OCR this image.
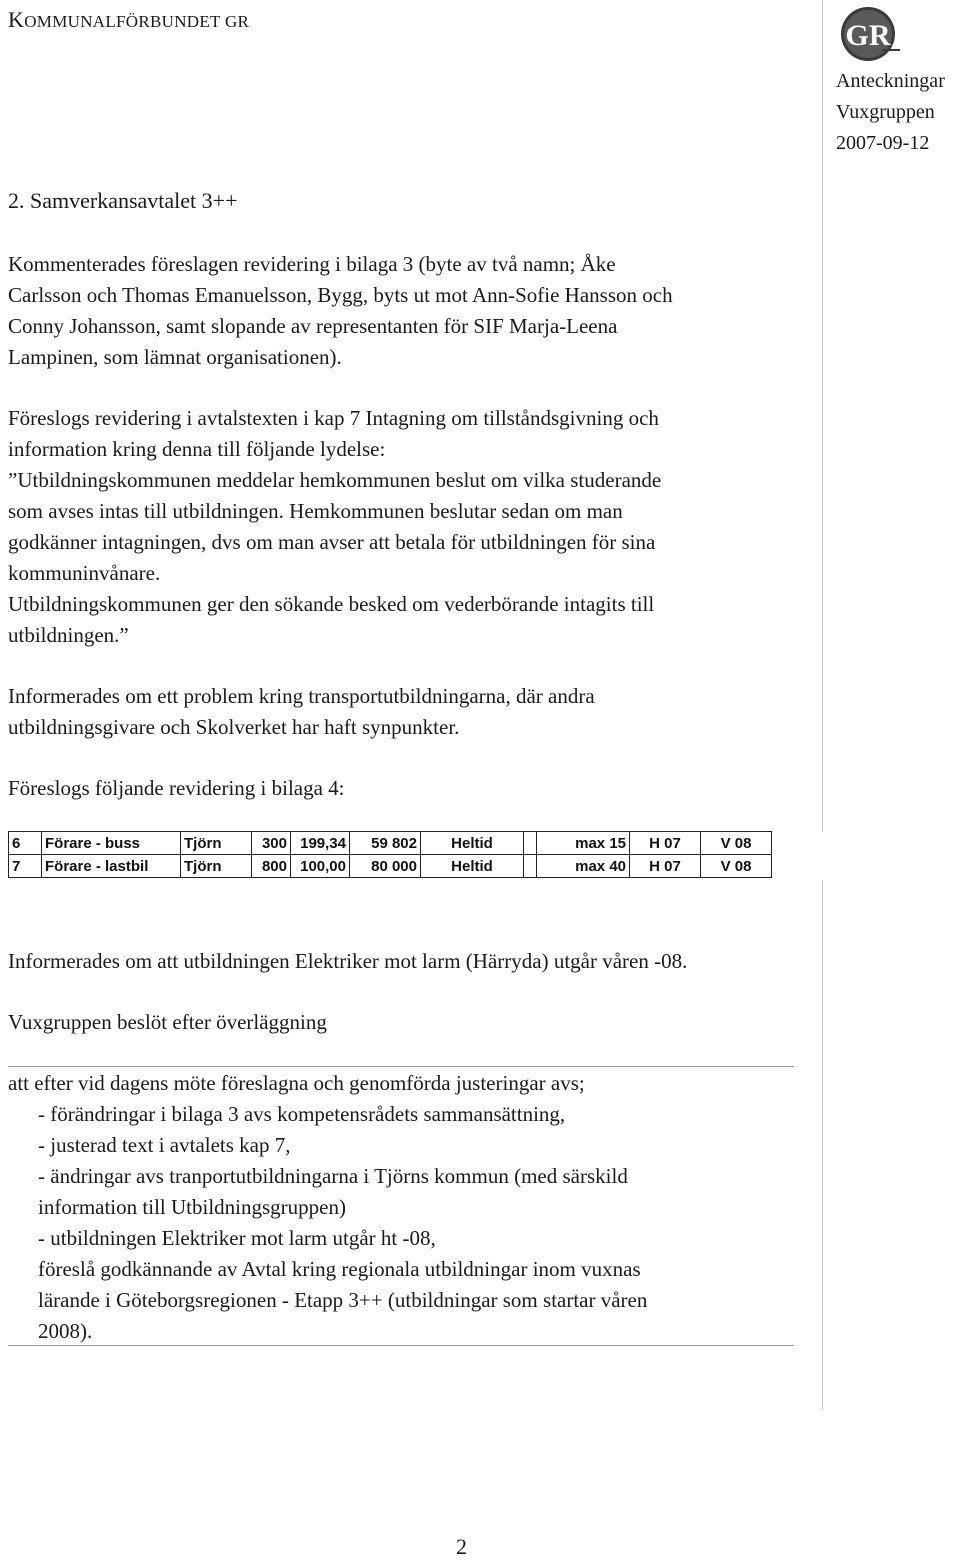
KOMMUNALFÖRBUNDET GR	GR
Anteckningar
Vuxgruppen
2007-09-12
2. Samverkansavtalet 3++
Kommenterades föreslagen revidering i bilaga 3 (byte av två namn; Åke
Carlsson och Thomas Emanuelsson, Bygg, byts ut mot Ann-Sofie Hansson och
Conny Johansson, samt slopande av representanten för SIF Marja-Leena
Lampinen, som lämnat organisationen).
Föreslogs revidering i avtalstexten i kap 7 Intagning om tillståndsgivning och
information kring denna till följande lydelse:
”Utbildningskommunen meddelar hemkommunen beslut om vilka studerande
som avses intas till utbildningen. Hemkommunen beslutar sedan om man
godkänner intagningen, dvs om man avser att betala för utbildningen för sina
kommuninvånare.
Utbildningskommunen ger den sökande besked om vederbörande intagits till
utbildningen.”
Informerades om ett problem kring transportutbildningarna, där andra
utbildningsgivare och Skolverket har haft synpunkter.
Föreslogs följande revidering i bilaga 4:
6	Förare - buss	Tjörn	300	199,34	59 802	Heltid		max 15	H 07	V 08
7	Förare - lastbil	Tjörn	800	100,00	80 000	Heltid		max 40	H 07	V 08
Informerades om att utbildningen Elektriker mot larm (Härryda) utgår våren -08.
Vuxgruppen beslöt efter överläggning
att efter vid dagens möte föreslagna och genomförda justeringar avs;
- förändringar i bilaga 3 avs kompetensrådets sammansättning,
- justerad text i avtalets kap 7,
- ändringar avs tranportutbildningarna i Tjörns kommun (med särskild
information till Utbildningsgruppen)
- utbildningen Elektriker mot larm utgår ht -08,
föreslå godkännande av Avtal kring regionala utbildningar inom vuxnas
lärande i Göteborgsregionen - Etapp 3++ (utbildningar som startar våren
2008).
2
